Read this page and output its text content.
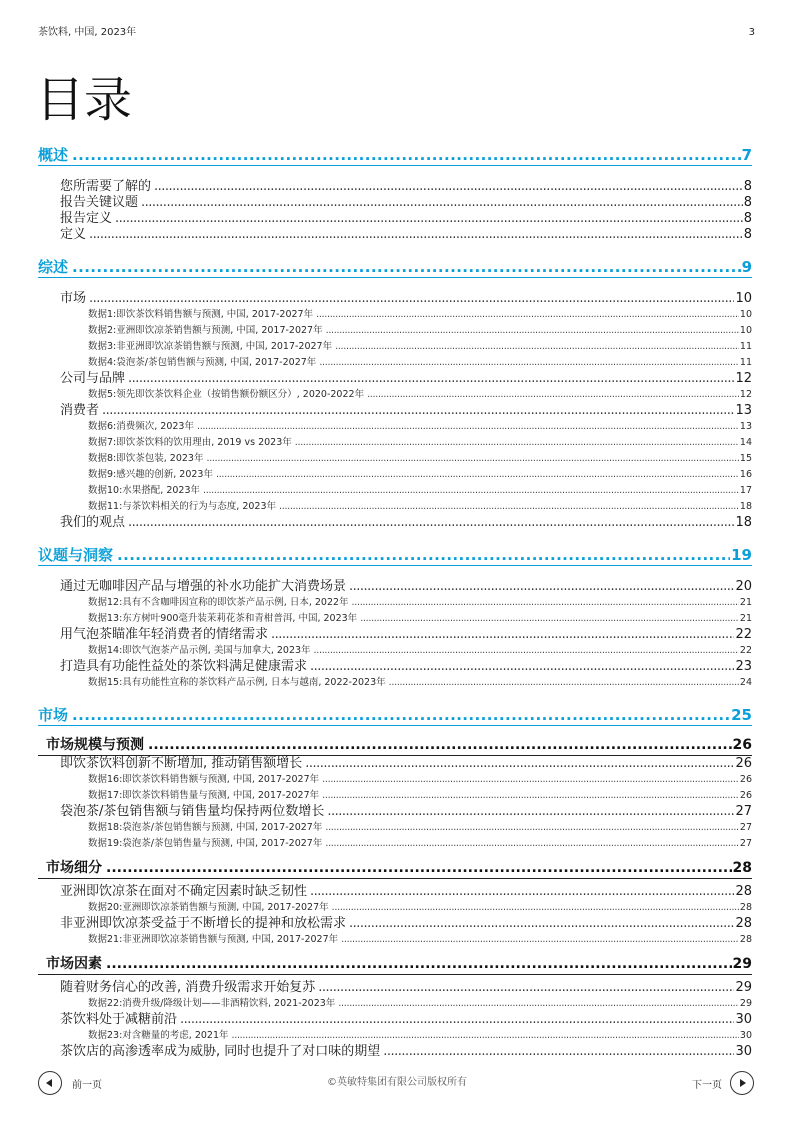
茶饮料, 中国, 2023年	3
目录
概述 .....	7
您所需要了解的 .....	8
报告关键议题 .....	8
报告定义 .....	8
定义 .....	8
综述 .....	9
市场 .....	10
数据1:即饮茶饮料销售额与预测, 中国, 2017-2027年 .....	10
数据2:亚洲即饮凉茶销售额与预测, 中国, 2017-2027年 .....	10
数据3:非亚洲即饮凉茶销售额与预测, 中国, 2017-2027年 .....	11
数据4:袋泡茶/茶包销售额与预测, 中国, 2017-2027年 .....	11
公司与品牌 .....	12
数据5:领先即饮茶饮料企业（按销售额份额区分）, 2020-2022年 .....	12
消费者 .....	13
数据6:消费频次, 2023年 .....	13
数据7:即饮茶饮料的饮用理由, 2019 vs 2023年 .....	14
数据8:即饮茶包装, 2023年 .....	15
数据9:感兴趣的创新, 2023年 .....	16
数据10:水果搭配, 2023年 .....	17
数据11:与茶饮料相关的行为与态度, 2023年 .....	18
我们的观点 .....	18
议题与洞察 .....	19
通过无咖啡因产品与增强的补水功能扩大消费场景 .....	20
数据12:具有不含咖啡因宣称的即饮茶产品示例, 日本, 2022年 .....	21
数据13:东方树叶900毫升装茉莉花茶和青柑普洱, 中国, 2023年 .....	21
用气泡茶瞄准年轻消费者的情绪需求 .....	22
数据14:即饮气泡茶产品示例, 美国与加拿大, 2023年 .....	22
打造具有功能性益处的茶饮料满足健康需求 .....	23
数据15:具有功能性宣称的茶饮料产品示例, 日本与越南, 2022-2023年 .....	24
市场 .....	25
市场规模与预测 .....	26
即饮茶饮料创新不断增加, 推动销售额增长 .....	26
数据16:即饮茶饮料销售额与预测, 中国, 2017-2027年 .....	26
数据17:即饮茶饮料销售量与预测, 中国, 2017-2027年 .....	26
袋泡茶/茶包销售额与销售量均保持两位数增长 .....	27
数据18:袋泡茶/茶包销售额与预测, 中国, 2017-2027年 .....	27
数据19:袋泡茶/茶包销售量与预测, 中国, 2017-2027年 .....	27
市场细分 .....	28
亚洲即饮凉茶在面对不确定因素时缺乏韧性 .....	28
数据20:亚洲即饮凉茶销售额与预测, 中国, 2017-2027年 .....	28
非亚洲即饮凉茶受益于不断增长的提神和放松需求 .....	28
数据21:非亚洲即饮凉茶销售额与预测, 中国, 2017-2027年 .....	28
市场因素 .....	29
随着财务信心的改善, 消费升级需求开始复苏 .....	29
数据22:消费升级/降级计划——非酒精饮料, 2021-2023年 .....	29
茶饮料处于减糖前沿 .....	30
数据23:对含糖量的考虑, 2021年 .....	30
茶饮店的高渗透率成为威胁, 同时也提升了对口味的期望 .....	30
前一页	©英敏特集团有限公司版权所有	下一页
